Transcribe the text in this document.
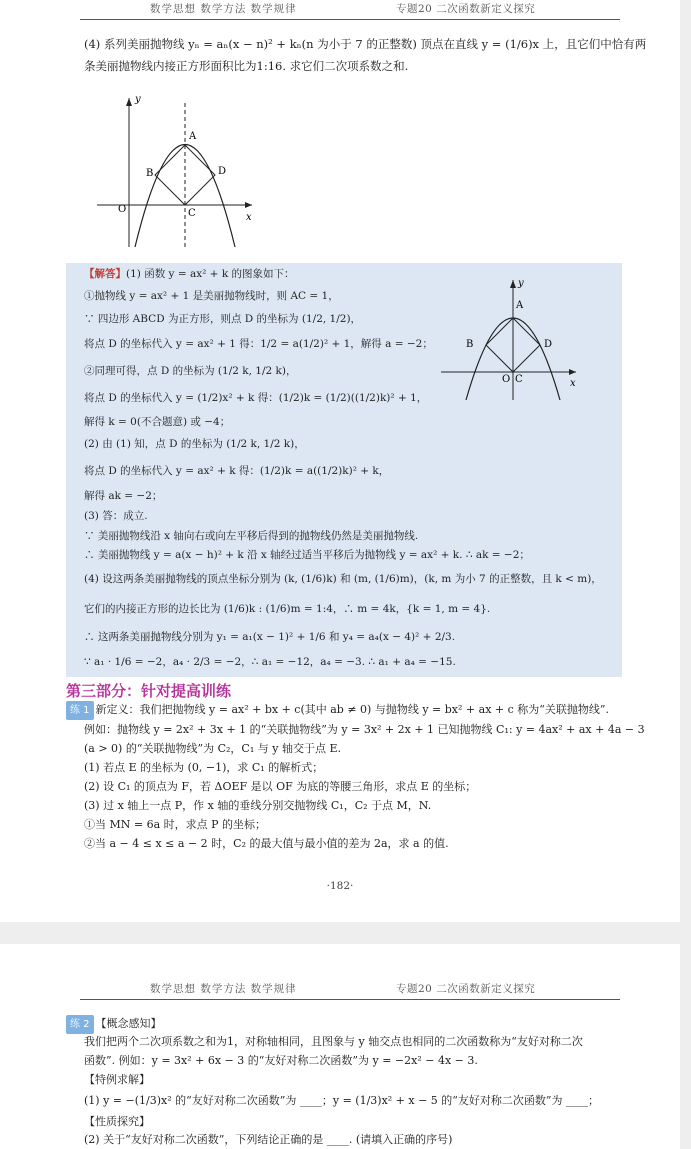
数学思想 数学方法 数学规律	专题20 二次函数新定义探究
(4) 系列美丽抛物线 yₙ = aₙ(x − n)² + kₙ(n 为小于 7 的正整数) 顶点在直线 y = (1/6)x 上，且它们中恰有两
条美丽抛物线内接正方形面积比为1:16. 求它们二次项系数之和.
A
B
C
D
O
y
x
【解答】(1) 函数 y = ax² + k 的图象如下：
①抛物线 y = ax² + 1 是美丽抛物线时，则 AC = 1，
∵ 四边形 ABCD 为正方形，则点 D 的坐标为 (1/2, 1/2)，
将点 D 的坐标代入 y = ax² + 1 得：1/2 = a(1/2)² + 1，解得 a = −2；
②同理可得，点 D 的坐标为 (1/2 k, 1/2 k)，
将点 D 的坐标代入 y = (1/2)x² + k 得：(1/2)k = (1/2)((1/2)k)² + 1，
解得 k = 0(不合题意) 或 −4；
(2) 由 (1) 知，点 D 的坐标为 (1/2 k, 1/2 k)，
将点 D 的坐标代入 y = ax² + k 得：(1/2)k = a((1/2)k)² + k，
解得 ak = −2；
(3) 答：成立.
∵ 美丽抛物线沿 x 轴向右或向左平移后得到的抛物线仍然是美丽抛物线.
∴ 美丽抛物线 y = a(x − h)² + k 沿 x 轴经过适当平移后为抛物线 y = ax² + k. ∴ ak = −2；
(4) 设这两条美丽抛物线的顶点坐标分别为 (k, (1/6)k) 和 (m, (1/6)m)，(k, m 为小 7 的正整数，且 k < m)，
它们的内接正方形的边长比为 (1/6)k : (1/6)m = 1:4，∴ m = 4k，{k = 1, m = 4}.
∴ 这两条美丽抛物线分别为 y₁ = a₁(x − 1)² + 1/6 和 y₄ = a₄(x − 4)² + 2/3.
∵ a₁ · 1/6 = −2，a₄ · 2/3 = −2，∴ a₁ = −12，a₄ = −3. ∴ a₁ + a₄ = −15.
A
B
C
D
O
y
x
第三部分：针对提高训练
练 1 新定义：我们把抛物线 y = ax² + bx + c(其中 ab ≠ 0) 与抛物线 y = bx² + ax + c 称为“关联抛物线”.
例如：抛物线 y = 2x² + 3x + 1 的“关联抛物线”为 y = 3x² + 2x + 1 已知抛物线 C₁: y = 4ax² + ax + 4a − 3
(a > 0) 的“关联抛物线”为 C₂，C₁ 与 y 轴交于点 E.
(1) 若点 E 的坐标为 (0, −1)，求 C₁ 的解析式；
(2) 设 C₁ 的顶点为 F，若 ΔOEF 是以 OF 为底的等腰三角形，求点 E 的坐标；
(3) 过 x 轴上一点 P，作 x 轴的垂线分别交抛物线 C₁，C₂ 于点 M，N.
①当 MN = 6a 时，求点 P 的坐标；
②当 a − 4 ≤ x ≤ a − 2 时，C₂ 的最大值与最小值的差为 2a，求 a 的值.
·182·
数学思想 数学方法 数学规律	专题20 二次函数新定义探究
练 2 【概念感知】
我们把两个二次项系数之和为1，对称轴相同，且图象与 y 轴交点也相同的二次函数称为“友好对称二次
函数”. 例如：y = 3x² + 6x − 3 的“友好对称二次函数”为 y = −2x² − 4x − 3.
【特例求解】
(1) y = −(1/3)x² 的“友好对称二次函数”为 ____；y = (1/3)x² + x − 5 的“友好对称二次函数”为 ____；
【性质探究】
(2) 关于“友好对称二次函数”，下列结论正确的是 ____. (请填入正确的序号)
